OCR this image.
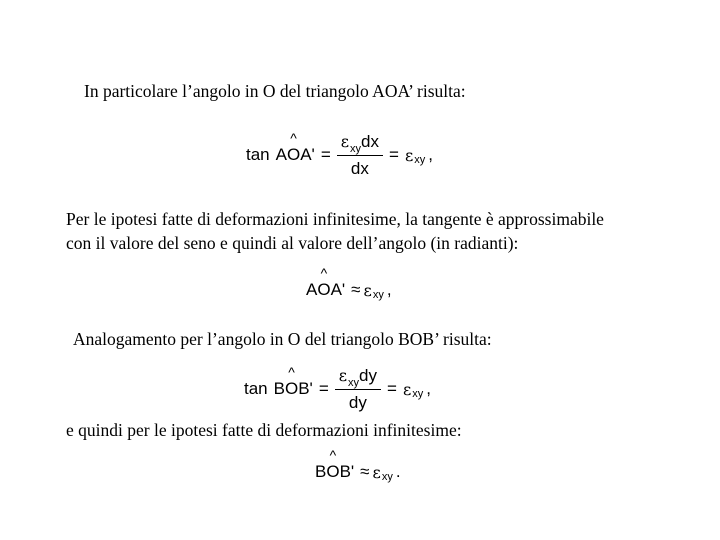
In particolare l’angolo in O del triangolo AOA’ risulta:
tan A
^
O $A' = \frac{\varepsilon_{xy}dx}{dx} = \varepsilon$ xy ,
Per le ipotesi fatte di deformazioni infinitesime, la tangente è approssimabile
con il valore del seno e quindi al valore dell’angolo (in radianti):
A
^
O A' ≈ ε xy ,
Analogamento per l’angolo in O del triangolo BOB’ risulta:
tan B
^
O $B' = \frac{\varepsilon_{xy}dy}{dy} = \varepsilon$ xy ,
e quindi per le ipotesi fatte di deformazioni infinitesime:
B
^
O B' ≈ ε xy .
